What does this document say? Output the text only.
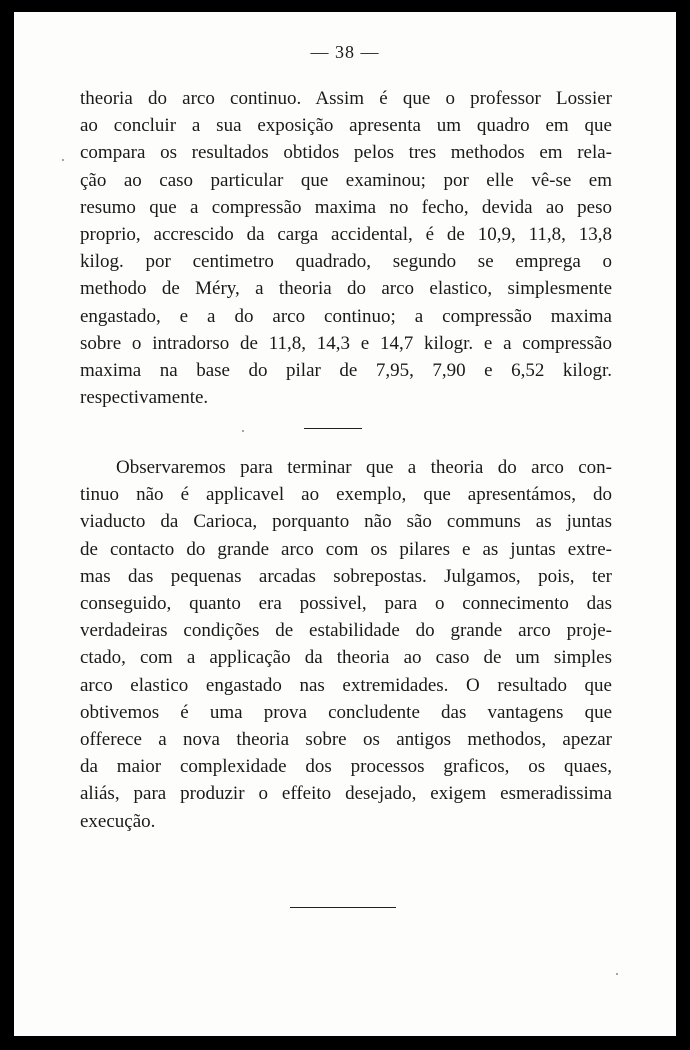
— 38 —
theoria do arco continuo. Assim é que o professor Lossier
ao concluir a sua exposição apresenta um quadro em que
compara os resultados obtidos pelos tres methodos em rela-
ção ao caso particular que examinou; por elle vê-se em
resumo que a compressão maxima no fecho, devida ao peso
proprio, accrescido da carga accidental, é de 10,9, 11,8, 13,8
kilog. por centimetro quadrado, segundo se emprega o
methodo de Méry, a theoria do arco elastico, simplesmente
engastado, e a do arco continuo; a compressão maxima
sobre o intradorso de 11,8, 14,3 e 14,7 kilogr. e a compressão
maxima na base do pilar de 7,95, 7,90 e 6,52 kilogr.
respectivamente.
Observaremos para terminar que a theoria do arco con-
tinuo não é applicavel ao exemplo, que apresentámos, do
viaducto da Carioca, porquanto não são communs as juntas
de contacto do grande arco com os pilares e as juntas extre-
mas das pequenas arcadas sobrepostas. Julgamos, pois, ter
conseguido, quanto era possivel, para o connecimento das
verdadeiras condições de estabilidade do grande arco proje-
ctado, com a applicação da theoria ao caso de um simples
arco elastico engastado nas extremidades. O resultado que
obtivemos é uma prova concludente das vantagens que
offerece a nova theoria sobre os antigos methodos, apezar
da maior complexidade dos processos graficos, os quaes,
aliás, para produzir o effeito desejado, exigem esmeradissima
execução.
